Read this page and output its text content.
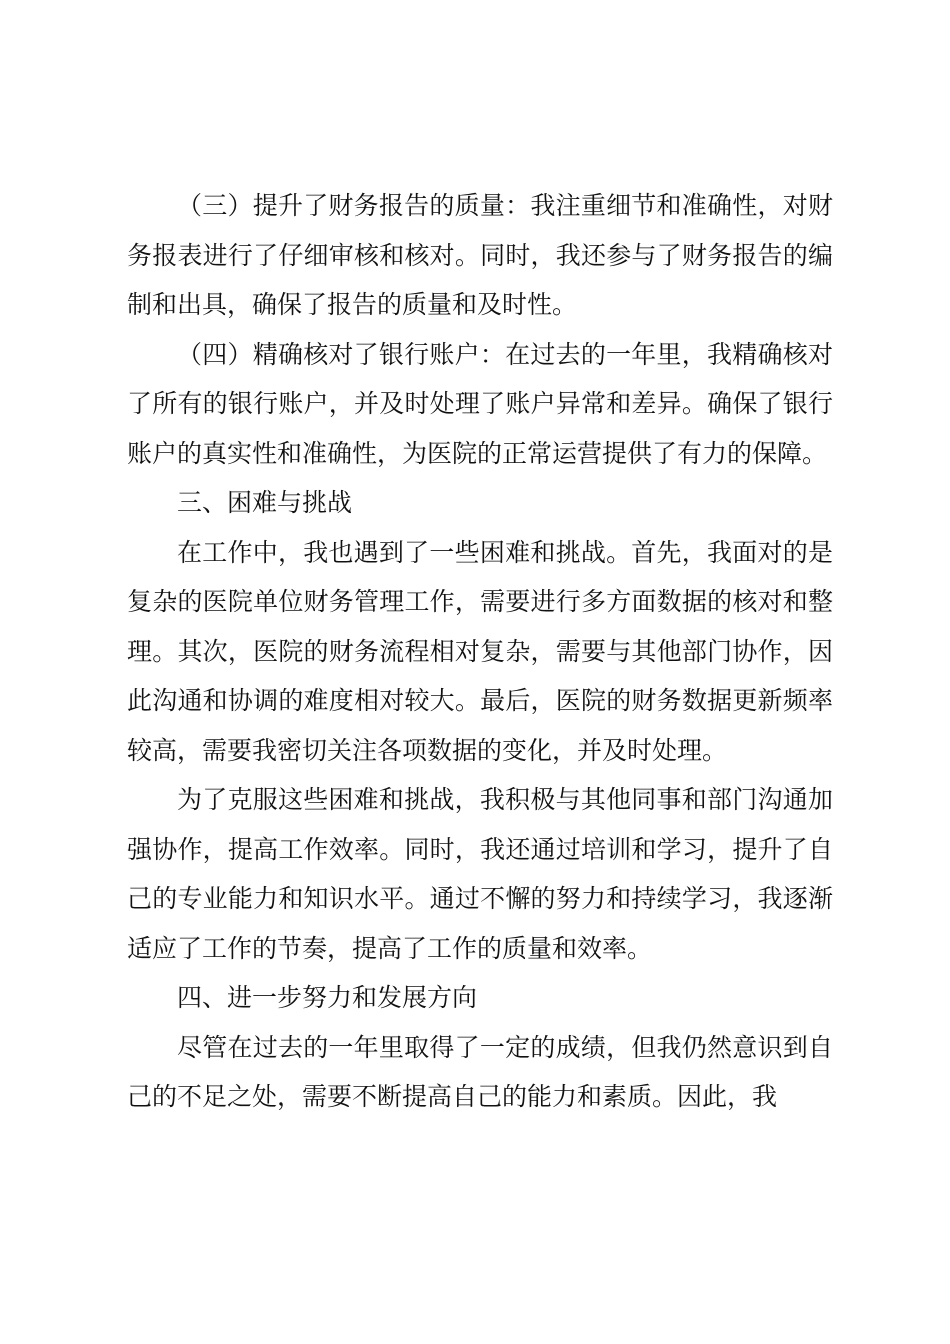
（三）提升了财务报告的质量：我注重细节和准确性，对财务报表进行了仔细审核和核对。同时，我还参与了财务报告的编制和出具，确保了报告的质量和及时性。

（四）精确核对了银行账户：在过去的一年里，我精确核对了所有的银行账户，并及时处理了账户异常和差异。确保了银行账户的真实性和准确性，为医院的正常运营提供了有力的保障。

三、困难与挑战

在工作中，我也遇到了一些困难和挑战。首先，我面对的是复杂的医院单位财务管理工作，需要进行多方面数据的核对和整理。其次，医院的财务流程相对复杂，需要与其他部门协作，因此沟通和协调的难度相对较大。最后，医院的财务数据更新频率较高，需要我密切关注各项数据的变化，并及时处理。

为了克服这些困难和挑战，我积极与其他同事和部门沟通加强协作，提高工作效率。同时，我还通过培训和学习，提升了自己的专业能力和知识水平。通过不懈的努力和持续学习，我逐渐适应了工作的节奏，提高了工作的质量和效率。

四、进一步努力和发展方向

尽管在过去的一年里取得了一定的成绩，但我仍然意识到自己的不足之处，需要不断提高自己的能力和素质。因此，我
